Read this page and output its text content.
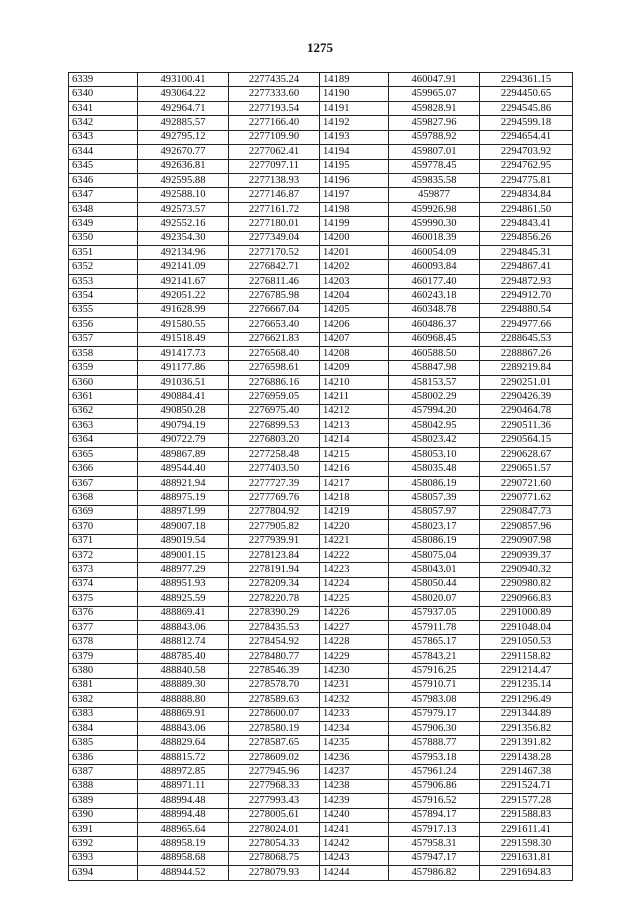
1275
6339	493100.41	2277435.24	14189	460047.91	2294361.15
6340	493064.22	2277333.60	14190	459965.07	2294450.65
6341	492964.71	2277193.54	14191	459828.91	2294545.86
6342	492885.57	2277166.40	14192	459827.96	2294599.18
6343	492795.12	2277109.90	14193	459788.92	2294654.41
6344	492670.77	2277062.41	14194	459807.01	2294703.92
6345	492636.81	2277097.11	14195	459778.45	2294762.95
6346	492595.88	2277138.93	14196	459835.58	2294775.81
6347	492588.10	2277146.87	14197	459877	2294834.84
6348	492573.57	2277161.72	14198	459926.98	2294861.50
6349	492552.16	2277180.01	14199	459990.30	2294843.41
6350	492354.30	2277349.04	14200	460018.39	2294856.26
6351	492134.96	2277170.52	14201	460054.09	2294845.31
6352	492141.09	2276842.71	14202	460093.84	2294867.41
6353	492141.67	2276811.46	14203	460177.40	2294872.93
6354	492051.22	2276785.98	14204	460243.18	2294912.70
6355	491628.99	2276667.04	14205	460348.78	2294880.54
6356	491580.55	2276653.40	14206	460486.37	2294977.66
6357	491518.49	2276621.83	14207	460968.45	2288645.53
6358	491417.73	2276568.40	14208	460588.50	2288867.26
6359	491177.86	2276598.61	14209	458847.98	2289219.84
6360	491036.51	2276886.16	14210	458153.57	2290251.01
6361	490884.41	2276959.05	14211	458002.29	2290426.39
6362	490850.28	2276975.40	14212	457994.20	2290464.78
6363	490794.19	2276899.53	14213	458042.95	2290511.36
6364	490722.79	2276803.20	14214	458023.42	2290564.15
6365	489867.89	2277258.48	14215	458053.10	2290628.67
6366	489544.40	2277403.50	14216	458035.48	2290651.57
6367	488921.94	2277727.39	14217	458086.19	2290721.60
6368	488975.19	2277769.76	14218	458057.39	2290771.62
6369	488971.99	2277804.92	14219	458057.97	2290847.73
6370	489007.18	2277905.82	14220	458023.17	2290857.96
6371	489019.54	2277939.91	14221	458086.19	2290907.98
6372	489001.15	2278123.84	14222	458075.04	2290939.37
6373	488977.29	2278191.94	14223	458043.01	2290940.32
6374	488951.93	2278209.34	14224	458050.44	2290980.82
6375	488925.59	2278220.78	14225	458020.07	2290966.83
6376	488869.41	2278390.29	14226	457937.05	2291000.89
6377	488843.06	2278435.53	14227	457911.78	2291048.04
6378	488812.74	2278454.92	14228	457865.17	2291050.53
6379	488785.40	2278480.77	14229	457843.21	2291158.82
6380	488840.58	2278546.39	14230	457916.25	2291214.47
6381	488889.30	2278578.70	14231	457910.71	2291235.14
6382	488888.80	2278589.63	14232	457983.08	2291296.49
6383	488869.91	2278600.07	14233	457979.17	2291344.89
6384	488843.06	2278580.19	14234	457906.30	2291356.82
6385	488829.64	2278587.65	14235	457888.77	2291391.82
6386	488815.72	2278609.02	14236	457953.18	2291438.28
6387	488972.85	2277945.96	14237	457961.24	2291467.38
6388	488971.11	2277968.33	14238	457906.86	2291524.71
6389	488994.48	2277993.43	14239	457916.52	2291577.28
6390	488994.48	2278005.61	14240	457894.17	2291588.83
6391	488965.64	2278024.01	14241	457917.13	2291611.41
6392	488958.19	2278054.33	14242	457958.31	2291598.30
6393	488958.68	2278068.75	14243	457947.17	2291631.81
6394	488944.52	2278079.93	14244	457986.82	2291694.83
